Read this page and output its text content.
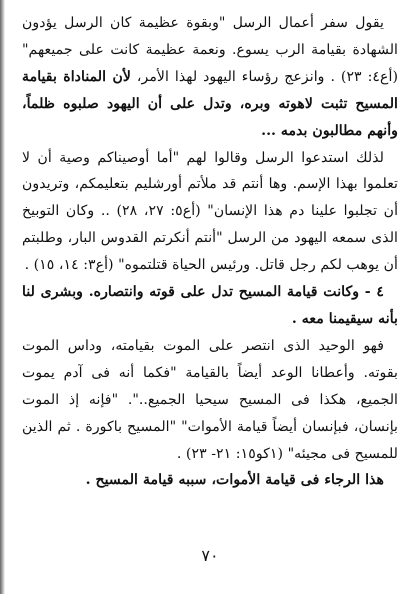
يقول سفر أعمال الرسل "وبقوة عظيمة كان الرسل يؤدون الشهادة بقيامة الرب يسوع. ونعمة عظيمة كانت على جميعهم" (أع٤: ٢٣) . وانزعج رؤساء اليهود لهذا الأمر، لأن المناداة بقيامة المسيح تثبت لاهوته وبره، وتدل على أن اليهود صلبوه ظلماً، وأنهم مطالبون بدمه ...

لذلك استدعوا الرسل وقالوا لهم "أما أوصيناكم وصية أن لا تعلموا بهذا الإسم. وها أنتم قد ملأتم أورشليم بتعليمكم، وتريدون أن تجلبوا علينا دم هذا الإنسان" (أع٥: ٢٧، ٢٨) .. وكان التوبيخ الذى سمعه اليهود من الرسل "أنتم أنكرتم القدوس البار، وطلبتم أن يوهب لكم رجل قاتل. ورئيس الحياة قتلتموه" (أع٣: ١٤، ١٥) .

٤ - وكانت قيامة المسيح تدل على قوته وانتصاره. وبشرى لنا بأنه سيقيمنا معه .

فهو الوحيد الذى انتصر على الموت بقيامته، وداس الموت بقوته. وأعطانا الوعد أيضاً بالقيامة "فكما أنه فى آدم يموت الجميع، هكذا فى المسيح سيحيا الجميع..". "فإنه إذ الموت بإنسان، فبإنسان أيضاً قيامة الأموات" "المسيح باكورة . ثم الذين للمسيح فى مجيئه" (١كو١٥: ٢١- ٢٣) .

هذا الرجاء فى قيامة الأموات، سببه قيامة المسيح .

٧٠
